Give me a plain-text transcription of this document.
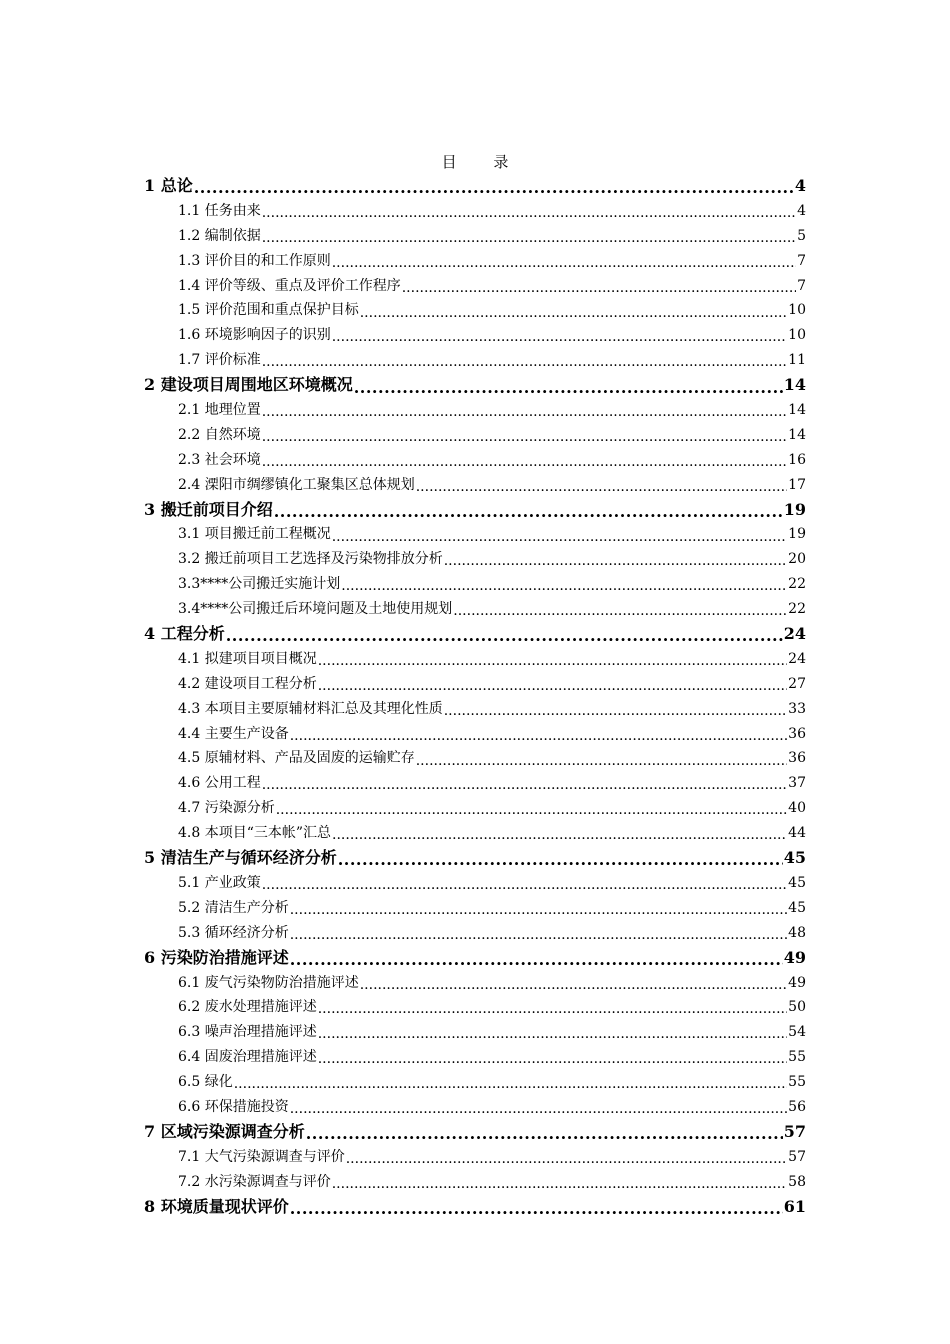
目 录
1 总论 .....	4
1.1 任务由来 .....	4
1.2 编制依据 .....	5
1.3 评价目的和工作原则 .....	7
1.4 评价等级、重点及评价工作程序 .....	7
1.5 评价范围和重点保护目标 .....	10
1.6 环境影响因子的识别 .....	10
1.7 评价标准 .....	11
2 建设项目周围地区环境概况 .....	14
2.1 地理位置 .....	14
2.2 自然环境 .....	14
2.3 社会环境 .....	16
2.4 溧阳市绸缪镇化工聚集区总体规划 .....	17
3 搬迁前项目介绍 .....	19
3.1 项目搬迁前工程概况 .....	19
3.2 搬迁前项目工艺选择及污染物排放分析 .....	20
3.3****公司搬迁实施计划 .....	22
3.4****公司搬迁后环境问题及土地使用规划 .....	22
4 工程分析 .....	24
4.1 拟建项目项目概况 .....	24
4.2 建设项目工程分析 .....	27
4.3 本项目主要原辅材料汇总及其理化性质 .....	33
4.4 主要生产设备 .....	36
4.5 原辅材料、产品及固废的运输贮存 .....	36
4.6 公用工程 .....	37
4.7 污染源分析 .....	40
4.8 本项目“三本帐”汇总 .....	44
5 清洁生产与循环经济分析 .....	45
5.1 产业政策 .....	45
5.2 清洁生产分析 .....	45
5.3 循环经济分析 .....	48
6 污染防治措施评述 .....	49
6.1 废气污染物防治措施评述 .....	49
6.2 废水处理措施评述 .....	50
6.3 噪声治理措施评述 .....	54
6.4 固废治理措施评述 .....	55
6.5 绿化 .....	55
6.6 环保措施投资 .....	56
7 区域污染源调查分析 .....	57
7.1 大气污染源调查与评价 .....	57
7.2 水污染源调查与评价 .....	58
8 环境质量现状评价 .....	61
